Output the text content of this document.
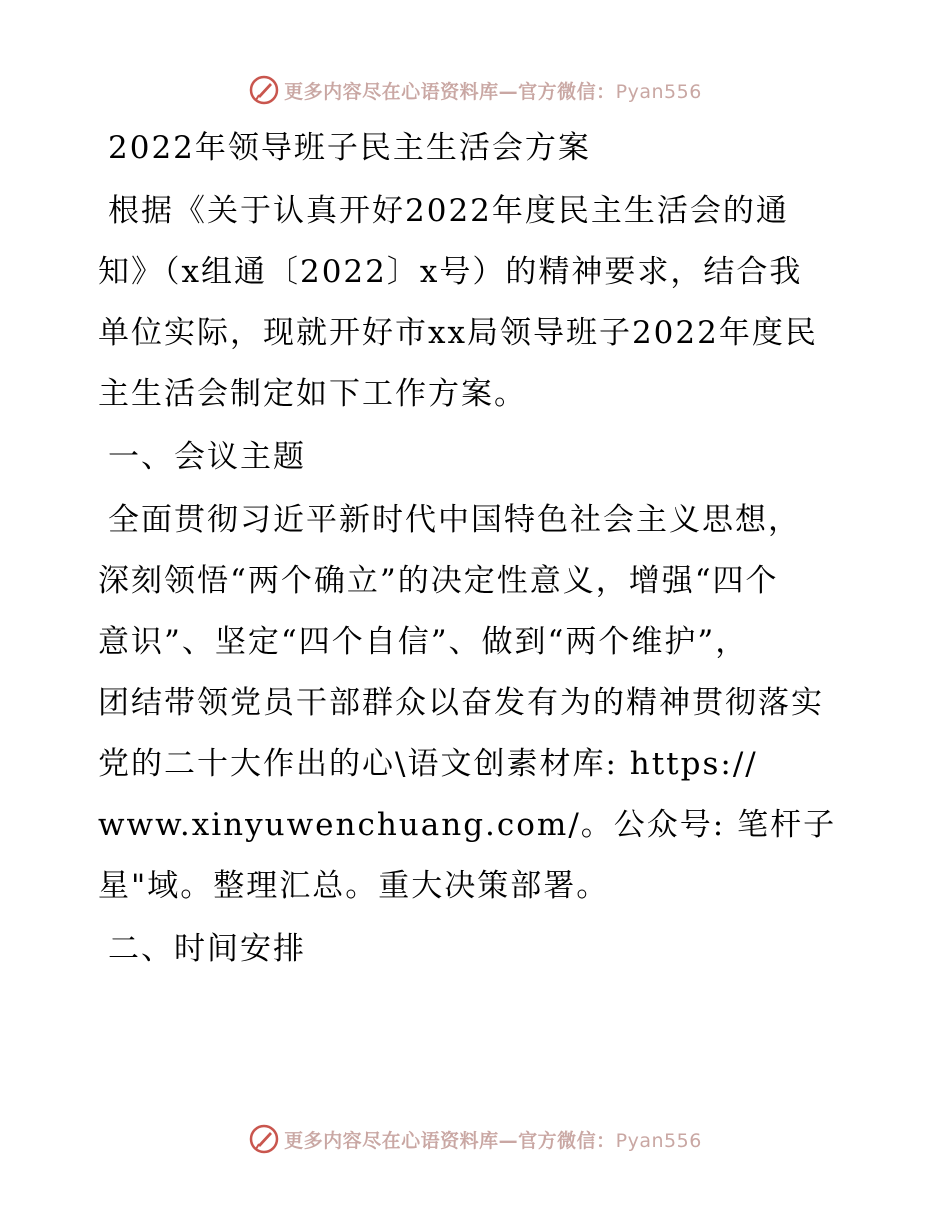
更多内容尽在心语资料库—官方微信：Pyan556
2022年领导班子民主生活会方案
根据《关于认真开好2022年度民主生活会的通
知》（x组通〔2022〕x号）的精神要求，结合我
单位实际，现就开好市xx局领导班子2022年度民
主生活会制定如下工作方案。
一、会议主题
全面贯彻习近平新时代中国特色社会主义思想，
深刻领悟“两个确立”的决定性意义，增强“四个
意识”、坚定“四个自信”、做到“两个维护”，
团结带领党员干部群众以奋发有为的精神贯彻落实
党的二十大作出的心\语文创素材库: https://
www.xinyuwenchuang.com/。公众号: 笔杆子
星"域。整理汇总。重大决策部署。
二、时间安排
更多内容尽在心语资料库—官方微信：Pyan556
